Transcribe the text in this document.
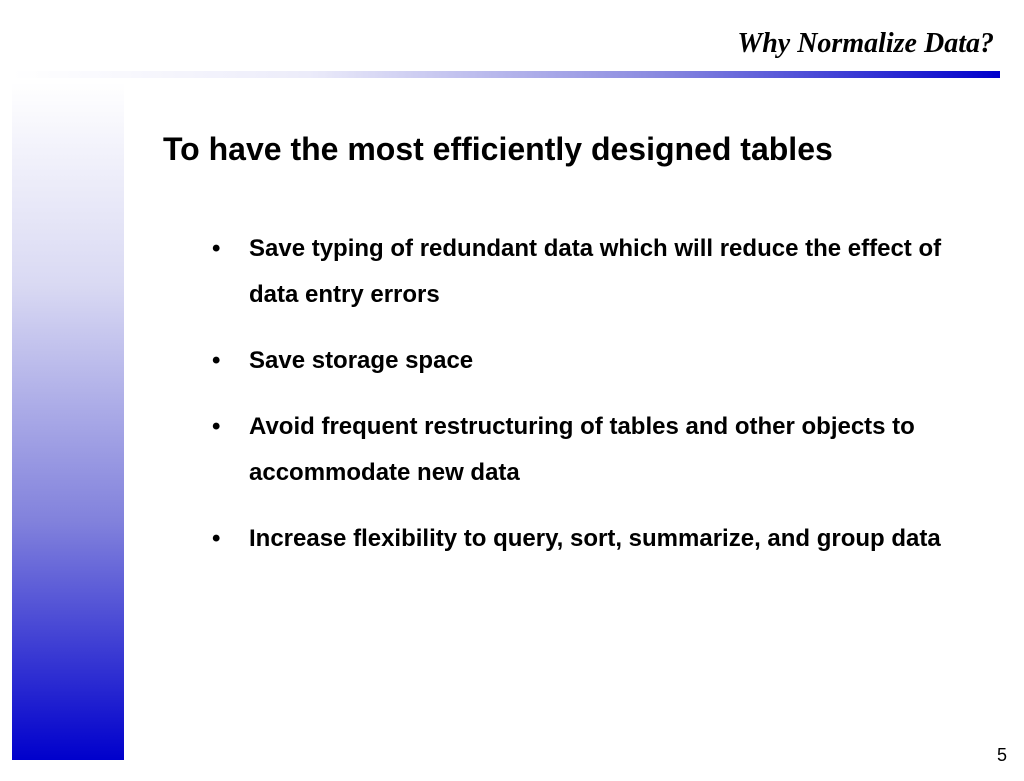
Why Normalize Data?
To have the most efficiently designed tables
• Save typing of redundant data which will reduce the effect of data entry errors
• Save storage space
• Avoid frequent restructuring of tables and other objects to accommodate new data
• Increase flexibility to query, sort, summarize, and group data
5
